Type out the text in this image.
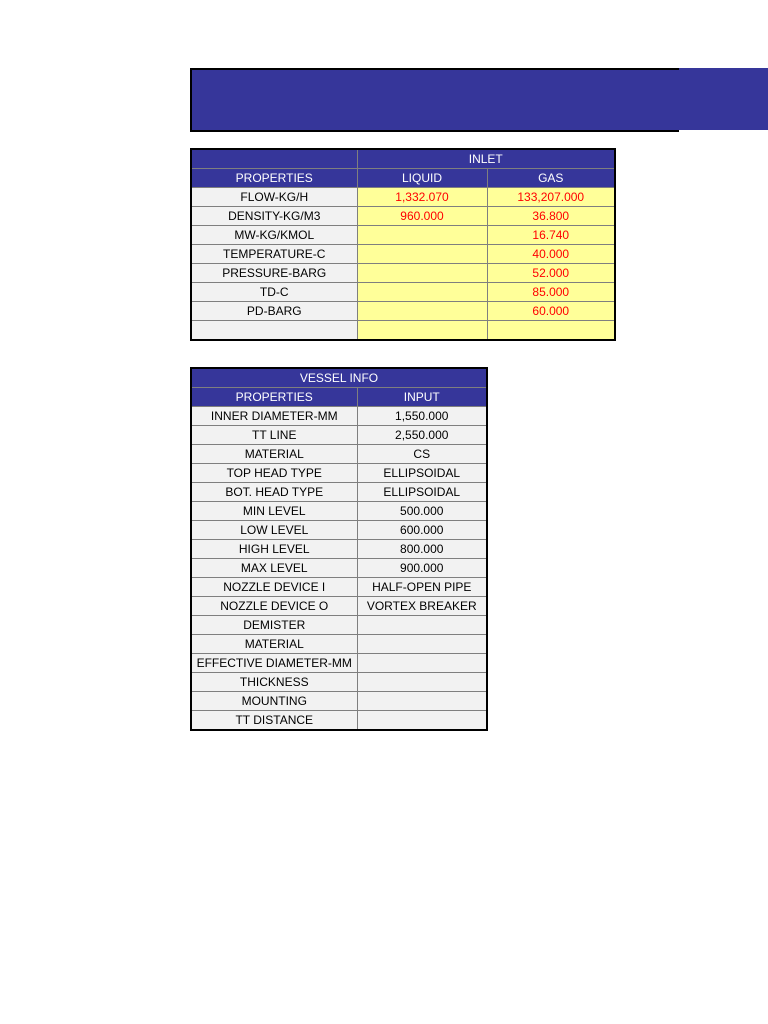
	INLET	
PROPERTIES	LIQUID	GAS
FLOW-KG/H	1,332.070	133,207.000
DENSITY-KG/M3	960.000	36.800
MW-KG/KMOL		16.740
TEMPERATURE-C		40.000
PRESSURE-BARG		52.000
TD-C		85.000
PD-BARG		60.000

VESSEL INFO	
PROPERTIES	INPUT
INNER DIAMETER-MM	1,550.000
TT LINE	2,550.000
MATERIAL	CS
TOP HEAD TYPE	ELLIPSOIDAL
BOT. HEAD TYPE	ELLIPSOIDAL
MIN LEVEL	500.000
LOW LEVEL	600.000
HIGH LEVEL	800.000
MAX LEVEL	900.000
NOZZLE DEVICE I	HALF-OPEN PIPE
NOZZLE DEVICE O	VORTEX BREAKER
DEMISTER	
MATERIAL	
EFFECTIVE DIAMETER-MM	
THICKNESS	
MOUNTING	
TT DISTANCE	
